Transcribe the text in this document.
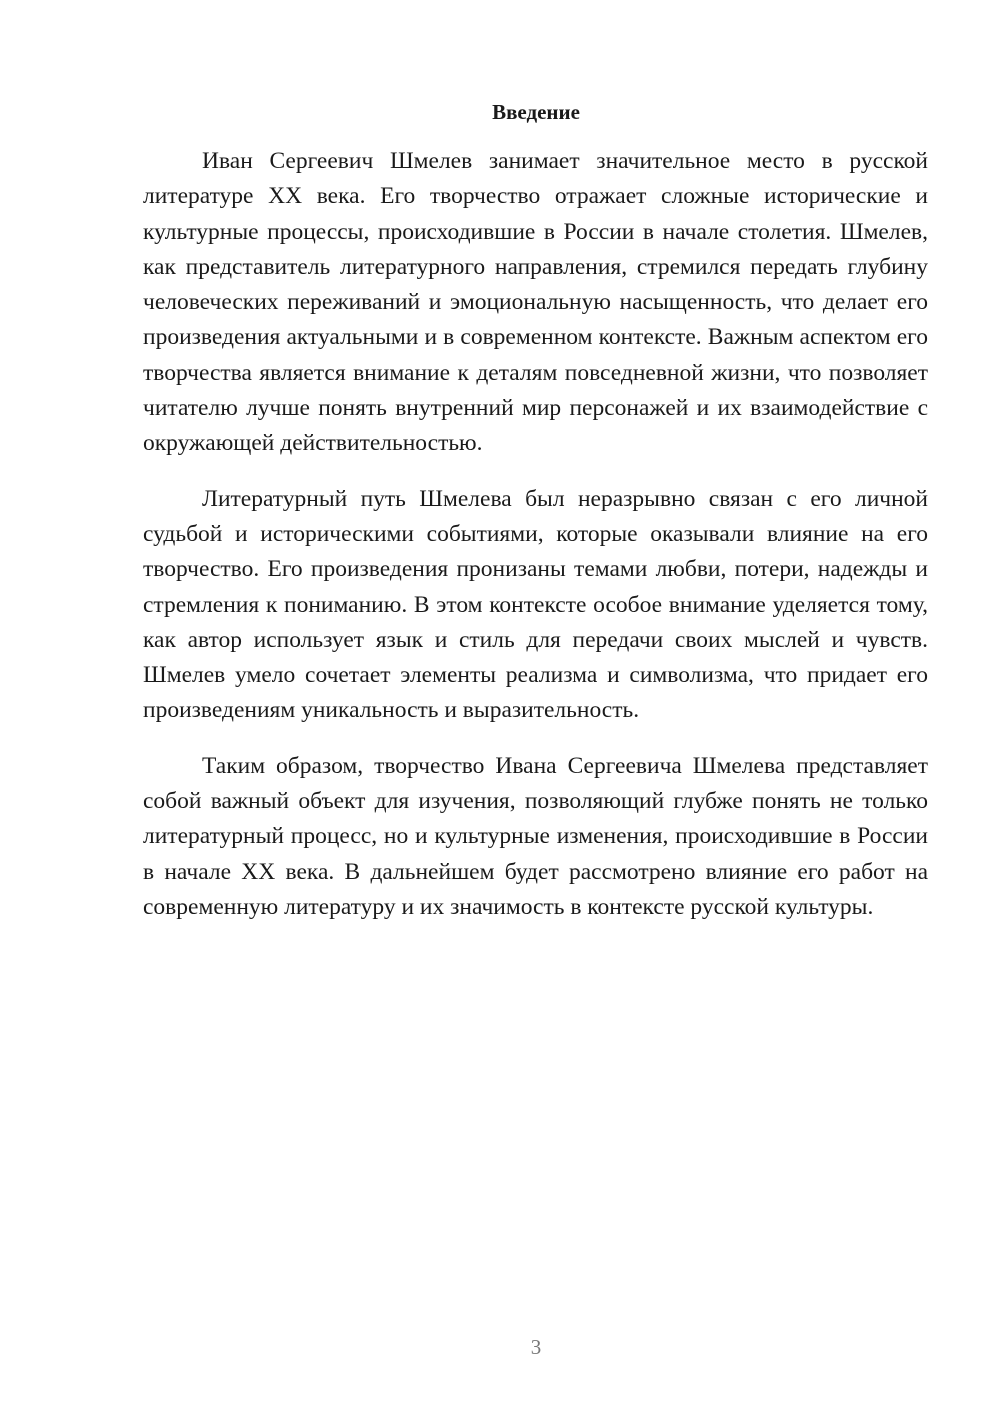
Введение

Иван Сергеевич Шмелев занимает значительное место в русской литературе XX века. Его творчество отражает сложные исторические и культурные процессы, происходившие в России в начале столетия. Шмелев, как представитель литературного направления, стремился передать глубину человеческих переживаний и эмоциональную насыщенность, что делает его произведения актуальными и в современном контексте. Важным аспектом его творчества является внимание к деталям повседневной жизни, что позволяет читателю лучше понять внутренний мир персонажей и их взаимодействие с окружающей действительностью.

Литературный путь Шмелева был неразрывно связан с его личной судьбой и историческими событиями, которые оказывали влияние на его творчество. Его произведения пронизаны темами любви, потери, надежды и стремления к пониманию. В этом контексте особое внимание уделяется тому, как автор использует язык и стиль для передачи своих мыслей и чувств. Шмелев умело сочетает элементы реализма и символизма, что придает его произведениям уникальность и выразительность.

Таким образом, творчество Ивана Сергеевича Шмелева представляет собой важный объект для изучения, позволяющий глубже понять не только литературный процесс, но и культурные изменения, происходившие в России в начале XX века. В дальнейшем будет рассмотрено влияние его работ на современную литературу и их значимость в контексте русской культуры.

3
